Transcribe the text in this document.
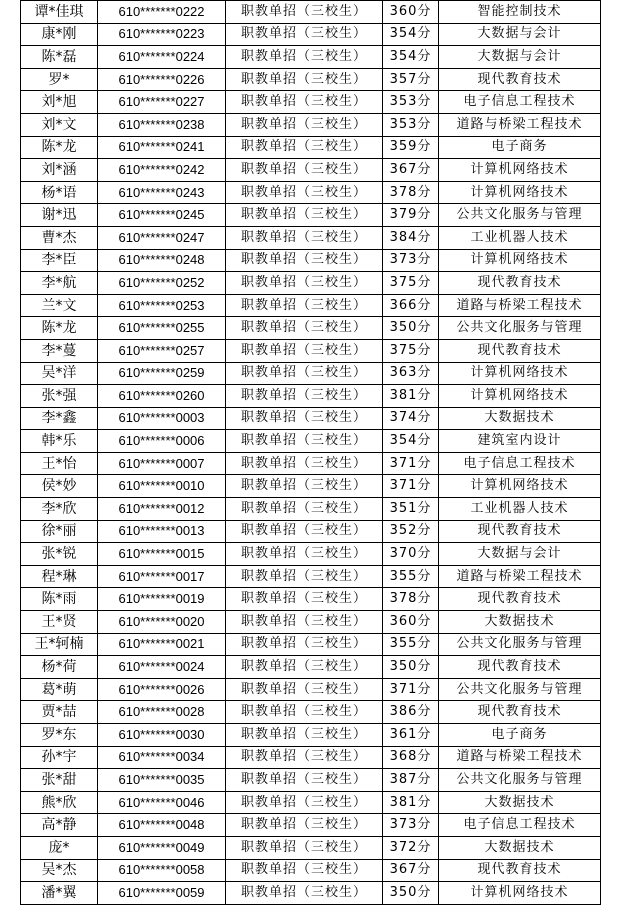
谭*佳琪	610*******0222	职教单招（三校生）	360分	智能控制技术
康*刚	610*******0223	职教单招（三校生）	354分	大数据与会计
陈*磊	610*******0224	职教单招（三校生）	354分	大数据与会计
罗*	610*******0226	职教单招（三校生）	357分	现代教育技术
刘*旭	610*******0227	职教单招（三校生）	353分	电子信息工程技术
刘*文	610*******0238	职教单招（三校生）	353分	道路与桥梁工程技术
陈*龙	610*******0241	职教单招（三校生）	359分	电子商务
刘*涵	610*******0242	职教单招（三校生）	367分	计算机网络技术
杨*语	610*******0243	职教单招（三校生）	378分	计算机网络技术
谢*迅	610*******0245	职教单招（三校生）	379分	公共文化服务与管理
曹*杰	610*******0247	职教单招（三校生）	384分	工业机器人技术
李*臣	610*******0248	职教单招（三校生）	373分	计算机网络技术
李*航	610*******0252	职教单招（三校生）	375分	现代教育技术
兰*文	610*******0253	职教单招（三校生）	366分	道路与桥梁工程技术
陈*龙	610*******0255	职教单招（三校生）	350分	公共文化服务与管理
李*蔓	610*******0257	职教单招（三校生）	375分	现代教育技术
吴*洋	610*******0259	职教单招（三校生）	363分	计算机网络技术
张*强	610*******0260	职教单招（三校生）	381分	计算机网络技术
李*鑫	610*******0003	职教单招（三校生）	374分	大数据技术
韩*乐	610*******0006	职教单招（三校生）	354分	建筑室内设计
王*怡	610*******0007	职教单招（三校生）	371分	电子信息工程技术
侯*妙	610*******0010	职教单招（三校生）	371分	计算机网络技术
李*欣	610*******0012	职教单招（三校生）	351分	工业机器人技术
徐*丽	610*******0013	职教单招（三校生）	352分	现代教育技术
张*锐	610*******0015	职教单招（三校生）	370分	大数据与会计
程*琳	610*******0017	职教单招（三校生）	355分	道路与桥梁工程技术
陈*雨	610*******0019	职教单招（三校生）	378分	现代教育技术
王*贤	610*******0020	职教单招（三校生）	360分	大数据技术
王*轲楠	610*******0021	职教单招（三校生）	355分	公共文化服务与管理
杨*荷	610*******0024	职教单招（三校生）	350分	现代教育技术
葛*萌	610*******0026	职教单招（三校生）	371分	公共文化服务与管理
贾*喆	610*******0028	职教单招（三校生）	386分	现代教育技术
罗*东	610*******0030	职教单招（三校生）	361分	电子商务
孙*宇	610*******0034	职教单招（三校生）	368分	道路与桥梁工程技术
张*甜	610*******0035	职教单招（三校生）	387分	公共文化服务与管理
熊*欣	610*******0046	职教单招（三校生）	381分	大数据技术
高*静	610*******0048	职教单招（三校生）	373分	电子信息工程技术
庞*	610*******0049	职教单招（三校生）	372分	大数据技术
吴*杰	610*******0058	职教单招（三校生）	367分	现代教育技术
潘*翼	610*******0059	职教单招（三校生）	350分	计算机网络技术
